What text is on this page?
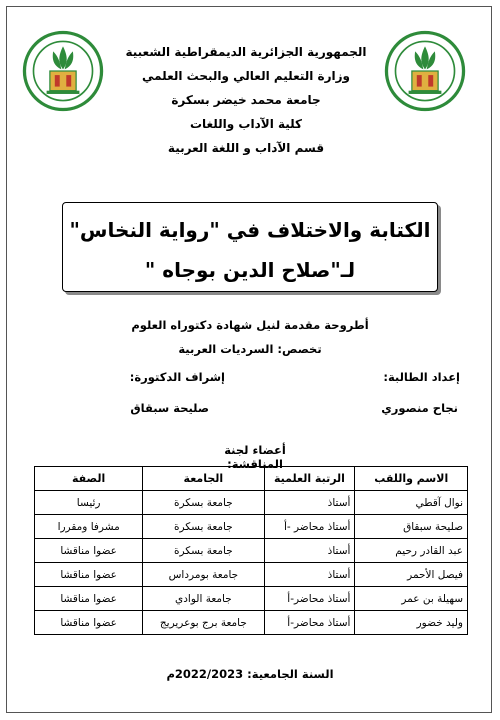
الجمهورية الجزائرية الديمقراطية الشعبية
وزارة التعليم العالي والبحث العلمي
جامعة محمد خيضر بسكرة
كلية الآداب واللغات
قسم الآداب و اللغة العربية
الكتابة والاختلاف في "رواية النخاس"
لـ"صلاح الدين بوجاه "
أطروحة مقدمة لنيل شهادة دكتوراه العلوم
تخصص: السرديات العربية
إعداد الطالبة:
إشراف الدكتورة:
نجاح منصوري
صليحة سبقاق
أعضاء لجنة المناقشة:
الاسم واللقب	الرتبة العلمية	الجامعة	الصفة
نوال آقطي	أستاذ	جامعة بسكرة	رئيسا
صليحة سبقاق	أستاذ محاضر -أ	جامعة بسكرة	مشرفا ومقررا
عبد القادر رحيم	أستاذ	جامعة بسكرة	عضوا مناقشا
فيصل الأحمر	أستاذ	جامعة بومرداس	عضوا مناقشا
سهيلة بن عمر	أستاذ محاضر-أ	جامعة الوادي	عضوا مناقشا
وليد خضور	أستاذ محاضر-أ	جامعة برج بوعريريج	عضوا مناقشا
السنة الجامعية: 2022/2023م
